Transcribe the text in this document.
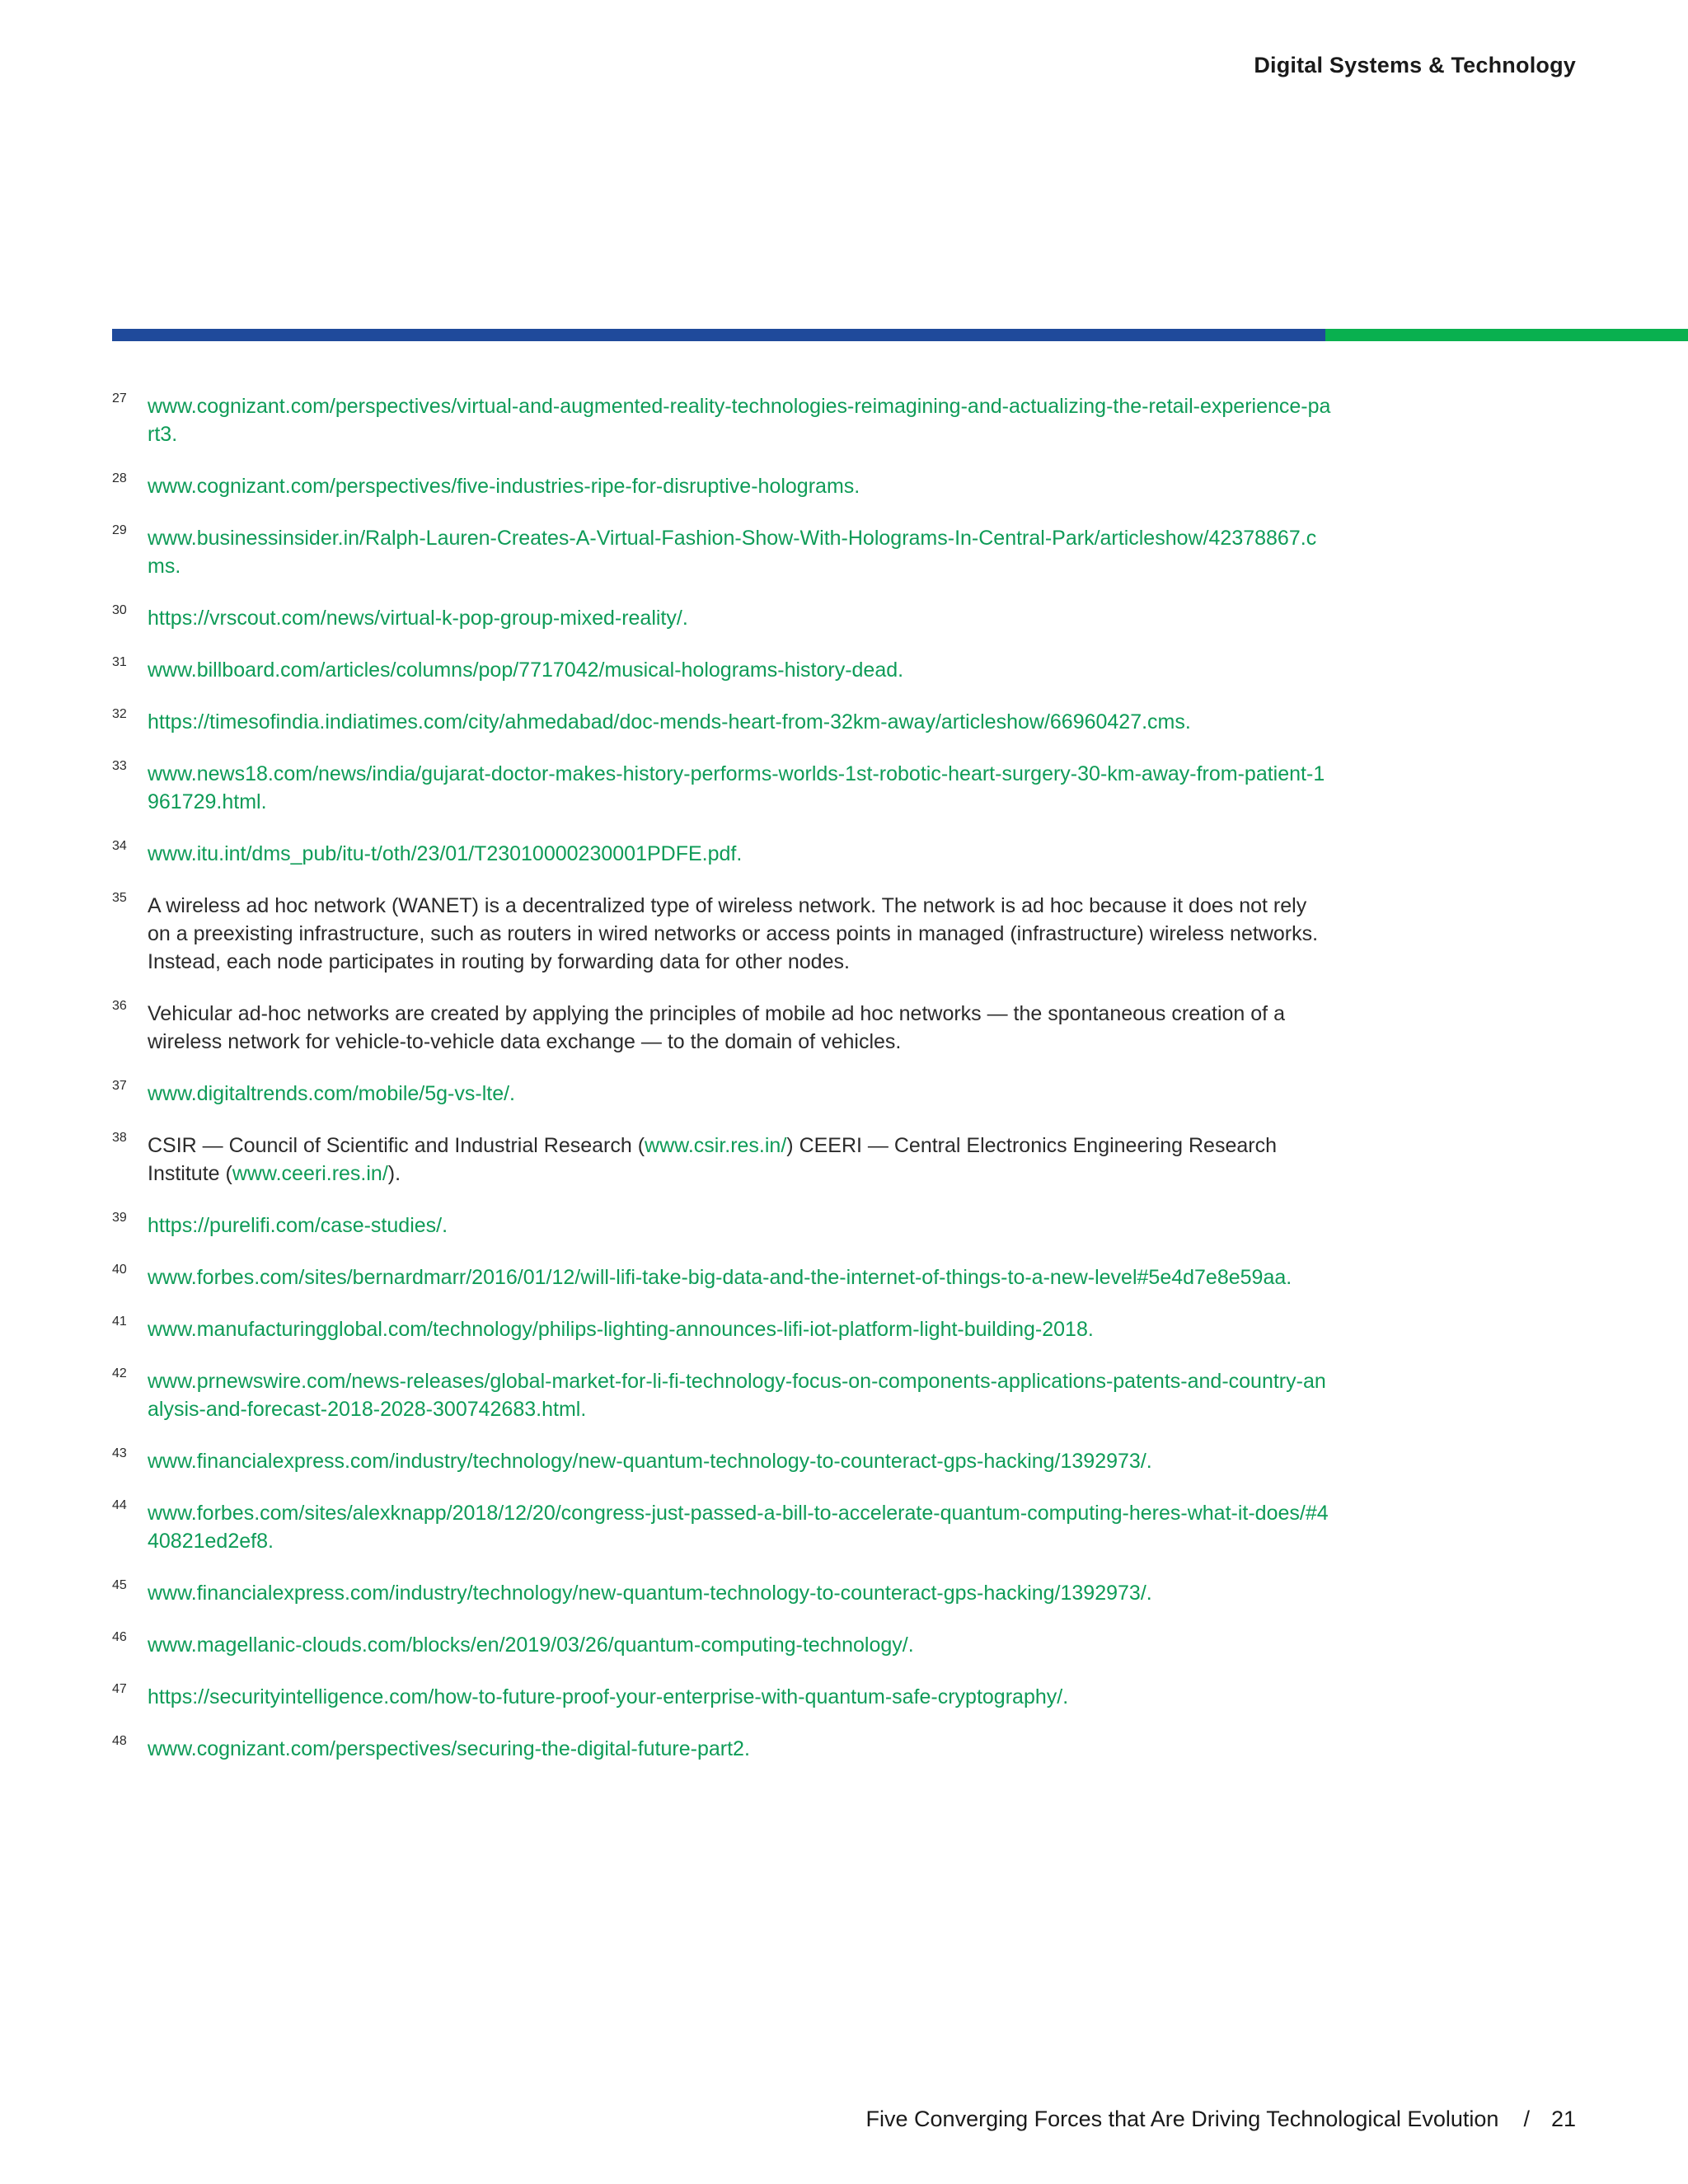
Digital Systems & Technology
27 www.cognizant.com/perspectives/virtual-and-augmented-reality-technologies-reimagining-and-actualizing-the-retail-experience-part3.
28 www.cognizant.com/perspectives/five-industries-ripe-for-disruptive-holograms.
29 www.businessinsider.in/Ralph-Lauren-Creates-A-Virtual-Fashion-Show-With-Holograms-In-Central-Park/articleshow/42378867.cms.
30 https://vrscout.com/news/virtual-k-pop-group-mixed-reality/.
31 www.billboard.com/articles/columns/pop/7717042/musical-holograms-history-dead.
32 https://timesofindia.indiatimes.com/city/ahmedabad/doc-mends-heart-from-32km-away/articleshow/66960427.cms.
33 www.news18.com/news/india/gujarat-doctor-makes-history-performs-worlds-1st-robotic-heart-surgery-30-km-away-from-patient-1961729.html.
34 www.itu.int/dms_pub/itu-t/oth/23/01/T23010000230001PDFE.pdf.
35 A wireless ad hoc network (WANET) is a decentralized type of wireless network. The network is ad hoc because it does not rely on a preexisting infrastructure, such as routers in wired networks or access points in managed (infrastructure) wireless networks. Instead, each node participates in routing by forwarding data for other nodes.
36 Vehicular ad-hoc networks are created by applying the principles of mobile ad hoc networks — the spontaneous creation of a wireless network for vehicle-to-vehicle data exchange — to the domain of vehicles.
37 www.digitaltrends.com/mobile/5g-vs-lte/.
38 CSIR — Council of Scientific and Industrial Research (www.csir.res.in/) CEERI — Central Electronics Engineering Research Institute (www.ceeri.res.in/).
39 https://purelifi.com/case-studies/.
40 www.forbes.com/sites/bernardmarr/2016/01/12/will-lifi-take-big-data-and-the-internet-of-things-to-a-new-level#5e4d7e8e59aa.
41 www.manufacturingglobal.com/technology/philips-lighting-announces-lifi-iot-platform-light-building-2018.
42 www.prnewswire.com/news-releases/global-market-for-li-fi-technology-focus-on-components-applications-patents-and-country-analysis-and-forecast-2018-2028-300742683.html.
43 www.financialexpress.com/industry/technology/new-quantum-technology-to-counteract-gps-hacking/1392973/.
44 www.forbes.com/sites/alexknapp/2018/12/20/congress-just-passed-a-bill-to-accelerate-quantum-computing-heres-what-it-does/#440821ed2ef8.
45 www.financialexpress.com/industry/technology/new-quantum-technology-to-counteract-gps-hacking/1392973/.
46 www.magellanic-clouds.com/blocks/en/2019/03/26/quantum-computing-technology/.
47 https://securityintelligence.com/how-to-future-proof-your-enterprise-with-quantum-safe-cryptography/.
48 www.cognizant.com/perspectives/securing-the-digital-future-part2.
Five Converging Forces that Are Driving Technological Evolution / 21
